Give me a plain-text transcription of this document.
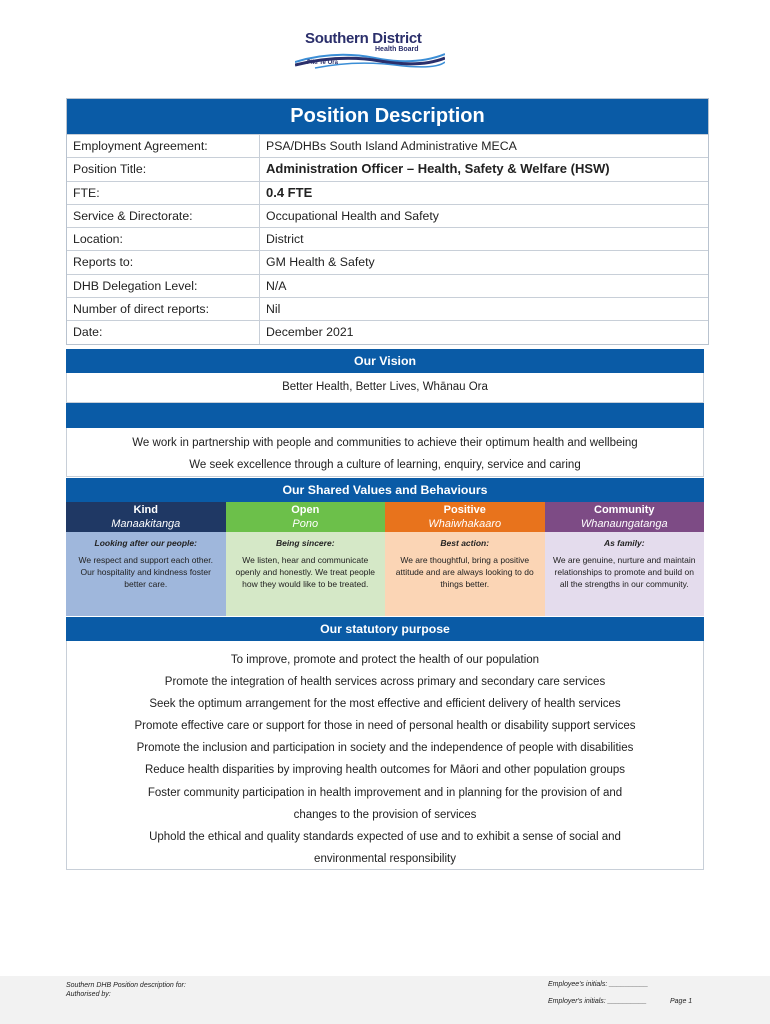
Southern District
Health Board
Piki Te Ora
Position Description
Employment Agreement:	PSA/DHBs South Island Administrative MECA
Position Title:	Administration Officer – Health, Safety & Welfare (HSW)
FTE:	0.4 FTE
Service & Directorate:	Occupational Health and Safety
Location:	District
Reports to:	GM Health & Safety
DHB Delegation Level:	N/A
Number of direct reports:	Nil
Date:	December 2021
Our Vision
Better Health, Better Lives, Whānau Ora
We work in partnership with people and communities to achieve their optimum health and wellbeing
We seek excellence through a culture of learning, enquiry, service and caring
Our Shared Values and Behaviours
Kind
Manaakitanga
Looking after our people:
We respect and support each other. Our hospitality and kindness foster better care.
Open
Pono
Being sincere:
We listen, hear and communicate openly and honestly. We treat people how they would like to be treated.
Positive
Whaiwhakaaro
Best action:
We are thoughtful, bring a positive attitude and are always looking to do things better.
Community
Whanaungatanga
As family:
We are genuine, nurture and maintain relationships to promote and build on all the strengths in our community.
Our statutory purpose
To improve, promote and protect the health of our population
Promote the integration of health services across primary and secondary care services
Seek the optimum arrangement for the most effective and efficient delivery of health services
Promote effective care or support for those in need of personal health or disability support services
Promote the inclusion and participation in society and the independence of people with disabilities
Reduce health disparities by improving health outcomes for Māori and other population groups
Foster community participation in health improvement and in planning for the provision of and
changes to the provision of services
Uphold the ethical and quality standards expected of use and to exhibit a sense of social and
environmental responsibility
Southern DHB Position description for:
Authorised by:
Employee's initials: __________
Employer's initials: __________	Page 1
